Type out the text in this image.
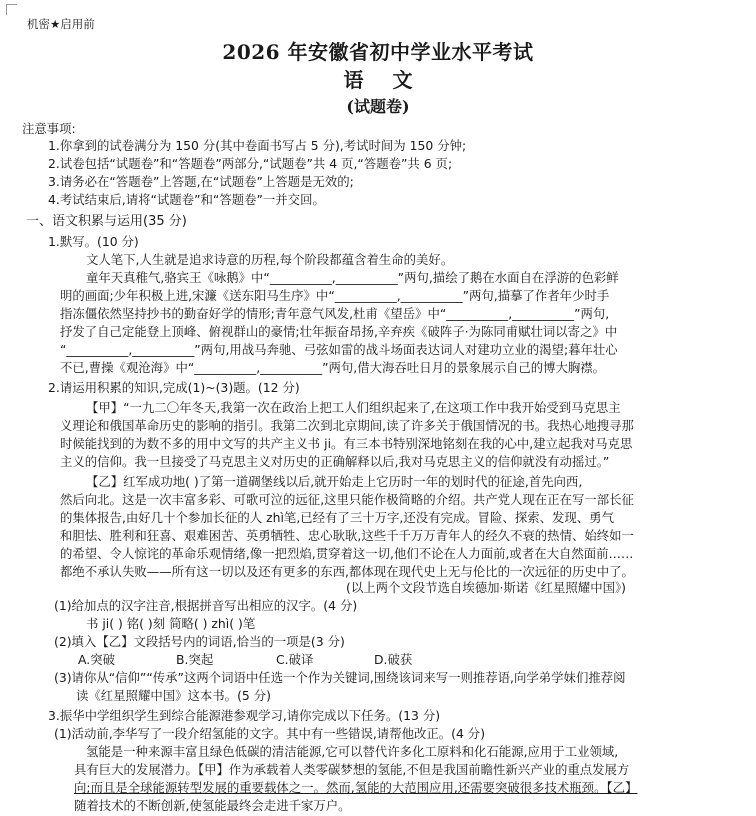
机密★启用前
2026 年安徽省初中学业水平考试
语 文
(试题卷)
注意事项:
1.你拿到的试卷满分为 150 分(其中卷面书写占 5 分),考试时间为 150 分钟;
2.试卷包括“试题卷”和“答题卷”两部分,“试题卷”共 4 页,“答题卷”共 6 页;
3.请务必在“答题卷”上答题,在“试题卷”上答题是无效的;
4.考试结束后,请将“试题卷”和“答题卷”一并交回。
一、语文积累与运用(35 分)
1.默写。(10 分)
文人笔下,人生就是追求诗意的历程,每个阶段都蕴含着生命的美好。
童年天真稚气,骆宾王《咏鹅》中“__________,__________”两句,描绘了鹅在水面自在浮游的色彩鲜
明的画面;少年积极上进,宋濂《送东阳马生序》中“__________,__________”两句,描摹了作者年少时手
指冻僵依然坚持抄书的勤奋好学的情形;青年意气风发,杜甫《望岳》中“__________,__________”两句,
抒发了自己定能登上顶峰、俯视群山的豪情;壮年振奋昂扬,辛弃疾《破阵子·为陈同甫赋壮词以寄之》中
“__________,__________”两句,用战马奔驰、弓弦如雷的战斗场面表达词人对建功立业的渴望;暮年壮心
不已,曹操《观沧海》中“__________,__________”两句,借大海吞吐日月的景象展示自己的博大胸襟。
2.请运用积累的知识,完成(1)~(3)题。(12 分)
【甲】“一九二〇年冬天,我第一次在政治上把工人们组织起来了,在这项工作中我开始受到马克思主
义理论和俄国革命历史的影响的指引。我第二次到北京期间,读了许多关于俄国情况的书。我热心地搜寻那
时候能找到的为数不多的用中文写的共产主义书 ji。有三本书特别深地铭刻在我的心中,建立起我对马克思
主义的信仰。我一旦接受了马克思主义对历史的正确解释以后,我对马克思主义的信仰就没有动摇过。”
【乙】红军成功地( )了第一道碉堡线以后,就开始走上它历时一年的划时代的征途,首先向西,
然后向北。这是一次丰富多彩、可歌可泣的远征,这里只能作极简略的介绍。共产党人现在正在写一部长征
的集体报告,由好几十个参加长征的人 zhì笔,已经有了三十万字,还没有完成。冒险、探索、发现、勇气
和胆怯、胜利和狂喜、艰难困苦、英勇牺牲、忠心耿耿,这些千千万万青年人的经久不衰的热情、始终如一
的希望、令人惊诧的革命乐观情绪,像一把烈焰,贯穿着这一切,他们不论在人力面前,或者在大自然面前……
都绝不承认失败——所有这一切以及还有更多的东西,都体现在现代史上无与伦比的一次远征的历史中了。
(以上两个文段节选自埃德加·斯诺《红星照耀中国》)
(1)给加点的汉字注音,根据拼音写出相应的汉字。(4 分)
书 ji( ) 铭( )刻 简略( ) zhì( )笔
(2)填入【乙】文段括号内的词语,恰当的一项是(3 分)
A.突破	B.突起	C.破译	D.破获
(3)请你从“信仰”“传承”这两个词语中任选一个作为关键词,围绕该词来写一则推荐语,向学弟学妹们推荐阅
读《红星照耀中国》这本书。(5 分)
3.振华中学组织学生到综合能源港参观学习,请你完成以下任务。(13 分)
(1)活动前,李华写了一段介绍氢能的文字。其中有一些错误,请帮他改正。(4 分)
氢能是一种来源丰富且绿色低碳的清洁能源,它可以替代许多化工原料和化石能源,应用于工业领域,
具有巨大的发展潜力。【甲】作为承载着人类零碳梦想的氢能,不但是我国前瞻性新兴产业的重点发展方
向;而且是全球能源转型发展的重要载体之一。然而,氢能的大范围应用,还需要突破很多技术瓶颈。【乙】
随着技术的不断创新,使氢能最终会走进千家万户。
